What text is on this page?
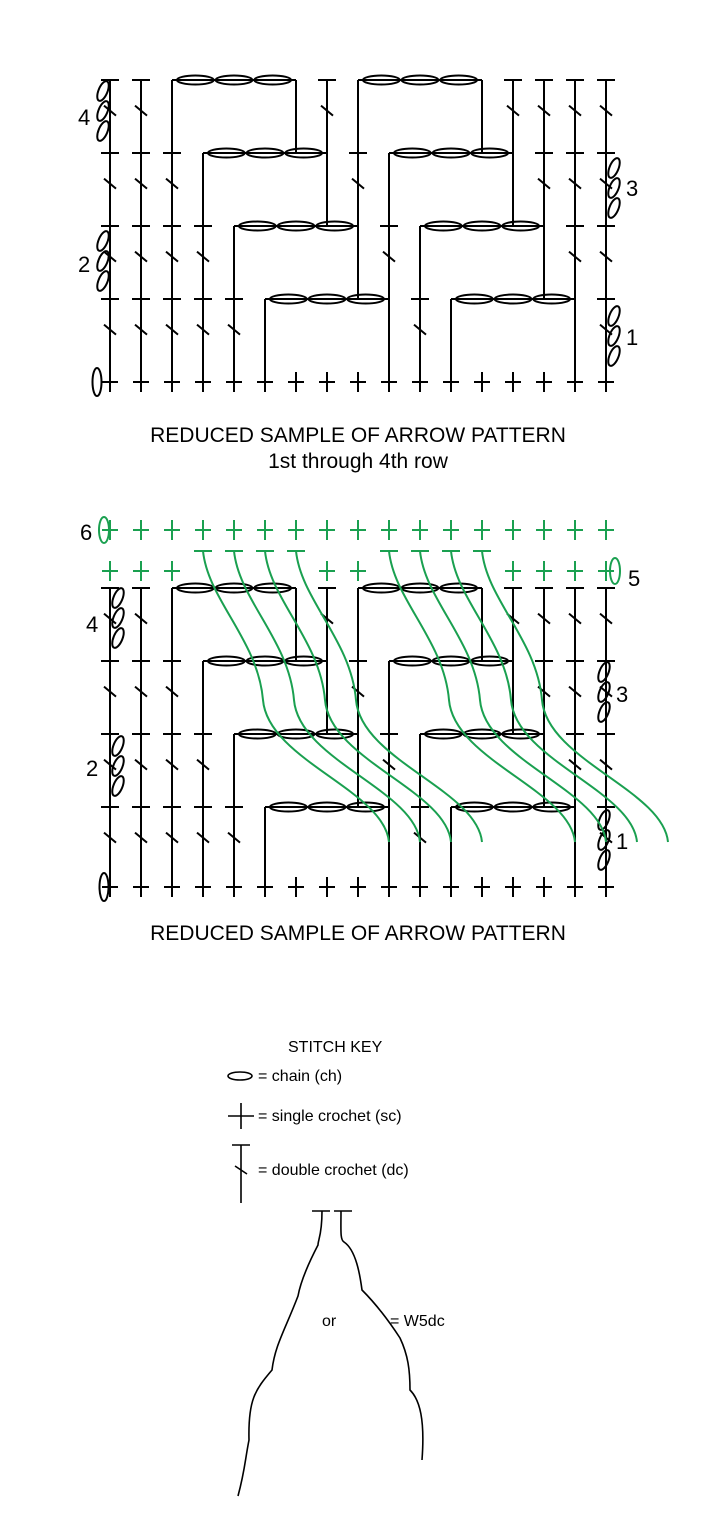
4
3
2
1
REDUCED SAMPLE OF ARROW PATTERN
1st through 4th row
6
5
4
3
2
1
REDUCED SAMPLE OF ARROW PATTERN
STITCH KEY
= chain (ch)
= single crochet (sc)
= double crochet (dc)
or	= W5dc
